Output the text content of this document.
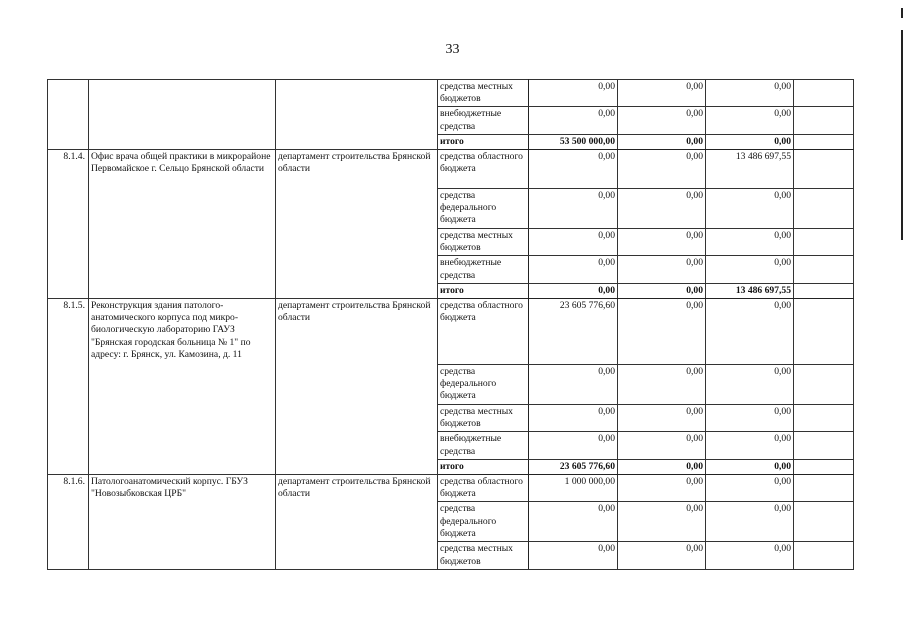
33
			средства местных бюджетов	0,00	0,00	0,00	
			внебюджетные средства	0,00	0,00	0,00	
			итого	53 500 000,00	0,00	0,00	
8.1.4.	Офис врача общей практики в микрорайоне Первомайское г. Сельцо Брянской области	департамент строительства Брянской области	средства областного бюджета	0,00	0,00	13 486 697,55	
			средства федерального бюджета	0,00	0,00	0,00	
			средства местных бюджетов	0,00	0,00	0,00	
			внебюджетные средства	0,00	0,00	0,00	
			итого	0,00	0,00	13 486 697,55	
8.1.5.	Реконструкция здания патолого-анатомического корпуса под микро-биологическую лабораторию ГАУЗ "Брянская городская больница № 1" по адресу: г. Брянск, ул. Камозина, д. 11	департамент строительства Брянской области	средства областного бюджета	23 605 776,60	0,00	0,00	
			средства федерального бюджета	0,00	0,00	0,00	
			средства местных бюджетов	0,00	0,00	0,00	
			внебюджетные средства	0,00	0,00	0,00	
			итого	23 605 776,60	0,00	0,00	
8.1.6.	Патологоанатомический корпус. ГБУЗ "Новозыбковская ЦРБ"	департамент строительства Брянской области	средства областного бюджета	1 000 000,00	0,00	0,00	
			средства федерального бюджета	0,00	0,00	0,00	
			средства местных бюджетов	0,00	0,00	0,00	
